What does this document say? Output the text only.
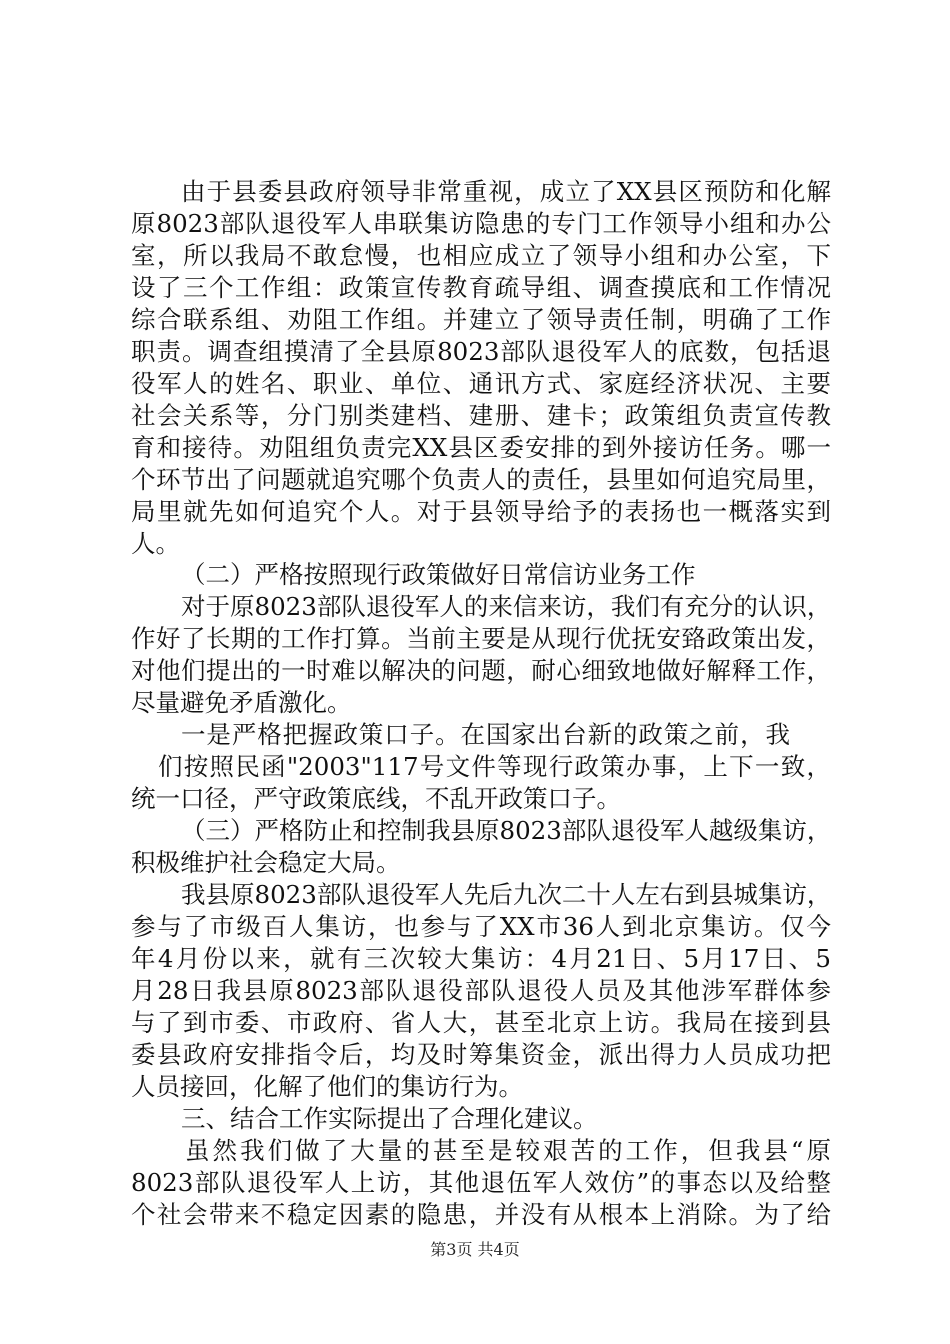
由于县委县政府领导非常重视，成立了XX县区预防和化解
原8023部队退役军人串联集访隐患的专门工作领导小组和办公
室，所以我局不敢怠慢，也相应成立了领导小组和办公室，下
设了三个工作组：政策宣传教育疏导组、调查摸底和工作情况
综合联系组、劝阻工作组。并建立了领导责任制，明确了工作
职责。调查组摸清了全县原8023部队退役军人的底数，包括退
役军人的姓名、职业、单位、通讯方式、家庭经济状况、主要
社会关系等，分门别类建档、建册、建卡；政策组负责宣传教
育和接待。劝阻组负责完XX县区委安排的到外接访任务。哪一
个环节出了问题就追究哪个负责人的责任，县里如何追究局里，
局里就先如何追究个人。对于县领导给予的表扬也一概落实到
人。
（二）严格按照现行政策做好日常信访业务工作
对于原8023部队退役军人的来信来访，我们有充分的认识，
作好了长期的工作打算。当前主要是从现行优抚安臵政策出发，
对他们提出的一时难以解决的问题，耐心细致地做好解释工作，
尽量避免矛盾激化。
一是严格把握政策口子。在国家出台新的政策之前，我
们按照民函"2003"117号文件等现行政策办事，上下一致，
统一口径，严守政策底线，不乱开政策口子。
（三）严格防止和控制我县原8023部队退役军人越级集访，
积极维护社会稳定大局。
我县原8023部队退役军人先后九次二十人左右到县城集访，
参与了市级百人集访，也参与了XX市36人到北京集访。仅今
年4月份以来，就有三次较大集访：4月21日、5月17日、5
月28日我县原8023部队退役部队退役人员及其他涉军群体参
与了到市委、市政府、省人大，甚至北京上访。我局在接到县
委县政府安排指令后，均及时筹集资金，派出得力人员成功把
人员接回，化解了他们的集访行为。
三、结合工作实际提出了合理化建议。
虽然我们做了大量的甚至是较艰苦的工作，但我县“原
8023部队退役军人上访，其他退伍军人效仿”的事态以及给整
个社会带来不稳定因素的隐患，并没有从根本上消除。为了给
第3页 共4页
